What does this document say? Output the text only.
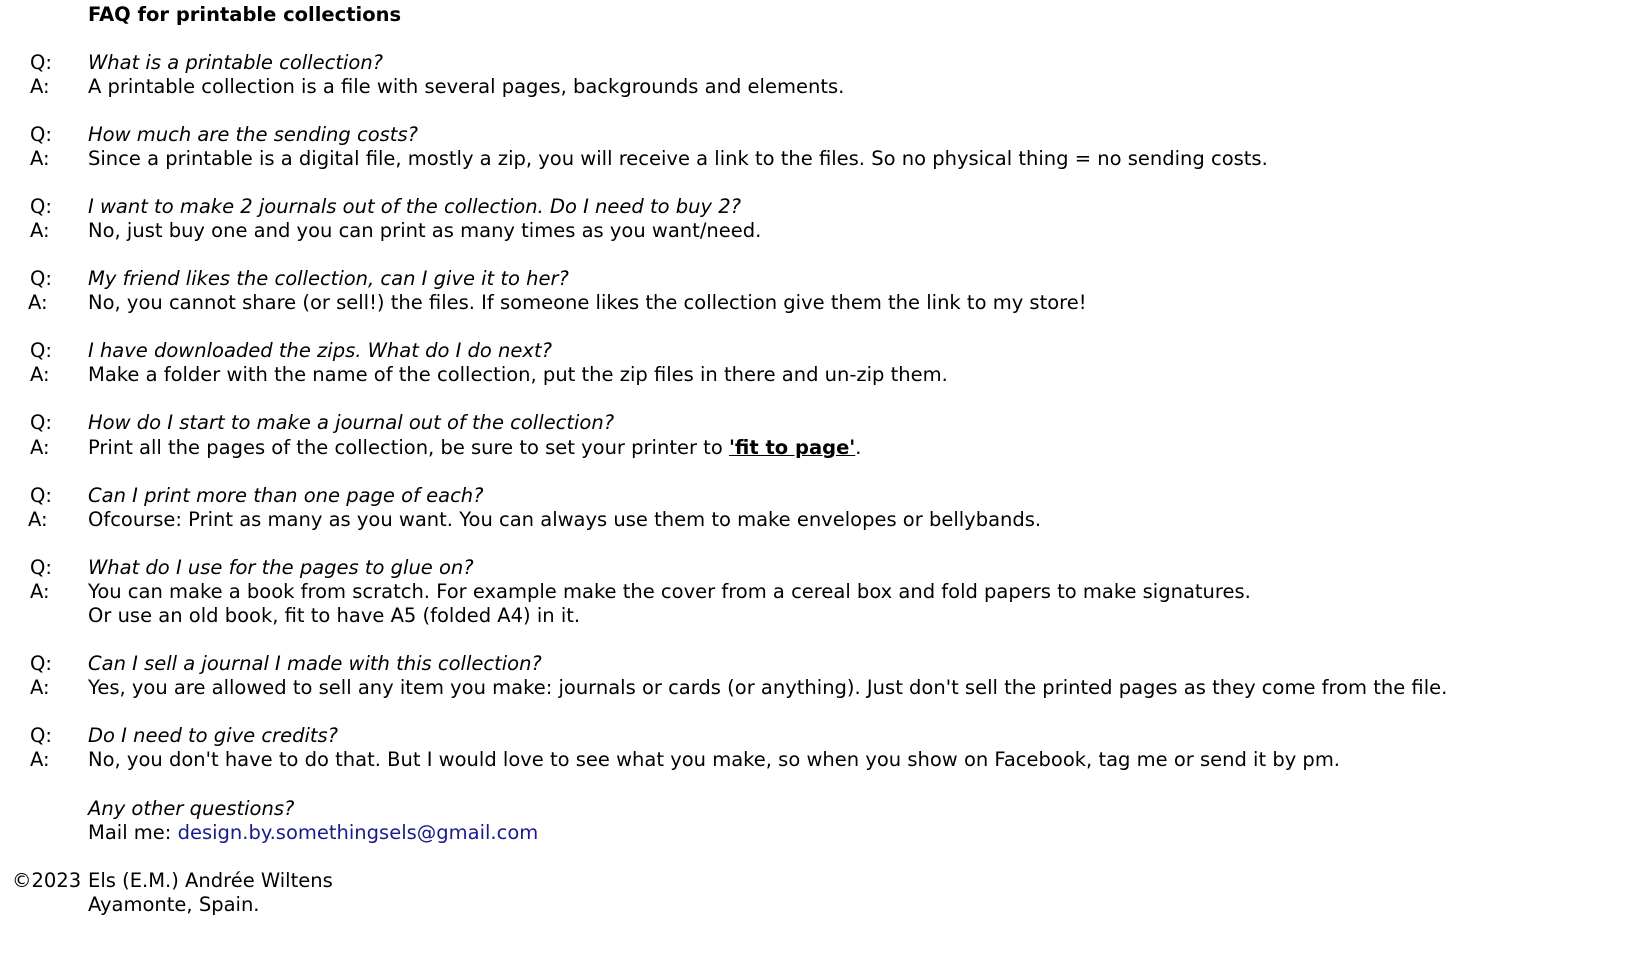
FAQ for printable collections
Q: What is a printable collection?
A: A printable collection is a file with several pages, backgrounds and elements.
Q: How much are the sending costs?
A: Since a printable is a digital file, mostly a zip, you will receive a link to the files. So no physical thing = no sending costs.
Q: I want to make 2 journals out of the collection. Do I need to buy 2?
A: No, just buy one and you can print as many times as you want/need.
Q: My friend likes the collection, can I give it to her?
A: No, you cannot share (or sell!) the files. If someone likes the collection give them the link to my store!
Q: I have downloaded the zips. What do I do next?
A: Make a folder with the name of the collection, put the zip files in there and un-zip them.
Q: How do I start to make a journal out of the collection?
A: Print all the pages of the collection, be sure to set your printer to 'fit to page'.
Q: Can I print more than one page of each?
A: Ofcourse: Print as many as you want. You can always use them to make envelopes or bellybands.
Q: What do I use for the pages to glue on?
A: You can make a book from scratch. For example make the cover from a cereal box and fold papers to make signatures.
Or use an old book, fit to have A5 (folded A4) in it.
Q: Can I sell a journal I made with this collection?
A: Yes, you are allowed to sell any item you make: journals or cards (or anything). Just don't sell the printed pages as they come from the file.
Q: Do I need to give credits?
A: No, you don't have to do that. But I would love to see what you make, so when you show on Facebook, tag me or send it by pm.
Any other questions?
Mail me: design.by.somethingsels@gmail.com
©2023 Els (E.M.) Andrée Wiltens
Ayamonte, Spain.
